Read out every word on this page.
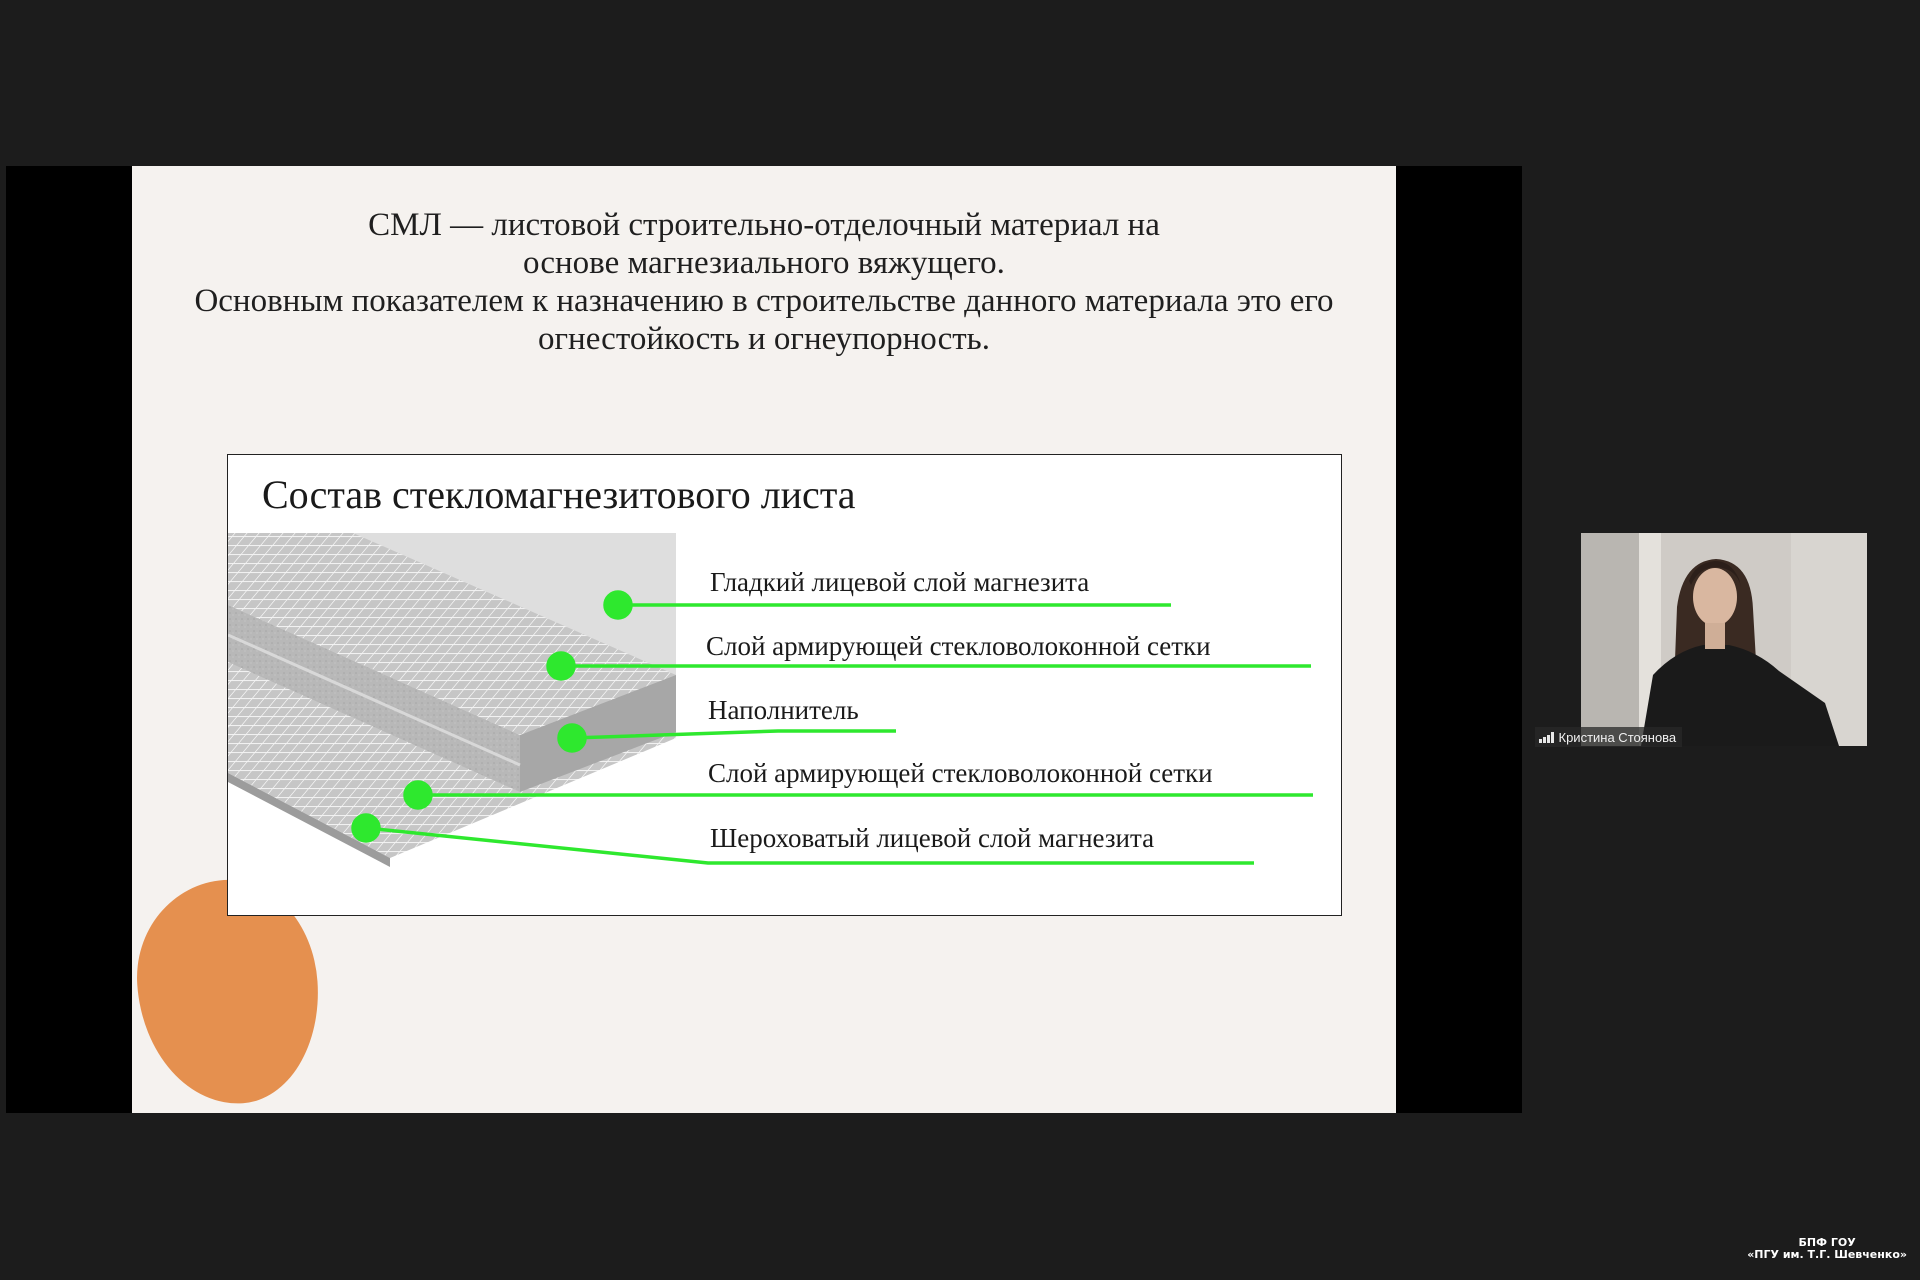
СМЛ — листовой строительно-отделочный материал на основе магнезиального вяжущего.

Основным показателем к назначению в строительстве данного материала это его огнестойкость и огнеупорность.

Состав стекломагнезитового листа
Гладкий лицевой слой магнезита
Слой армирующей стекловолоконной сетки
Наполнитель
Слой армирующей стекловолоконной сетки
Шероховатый лицевой слой магнезита
Кристина Стоянова
БПФ ГОУ
«ПГУ им. Т.Г. Шевченко»
